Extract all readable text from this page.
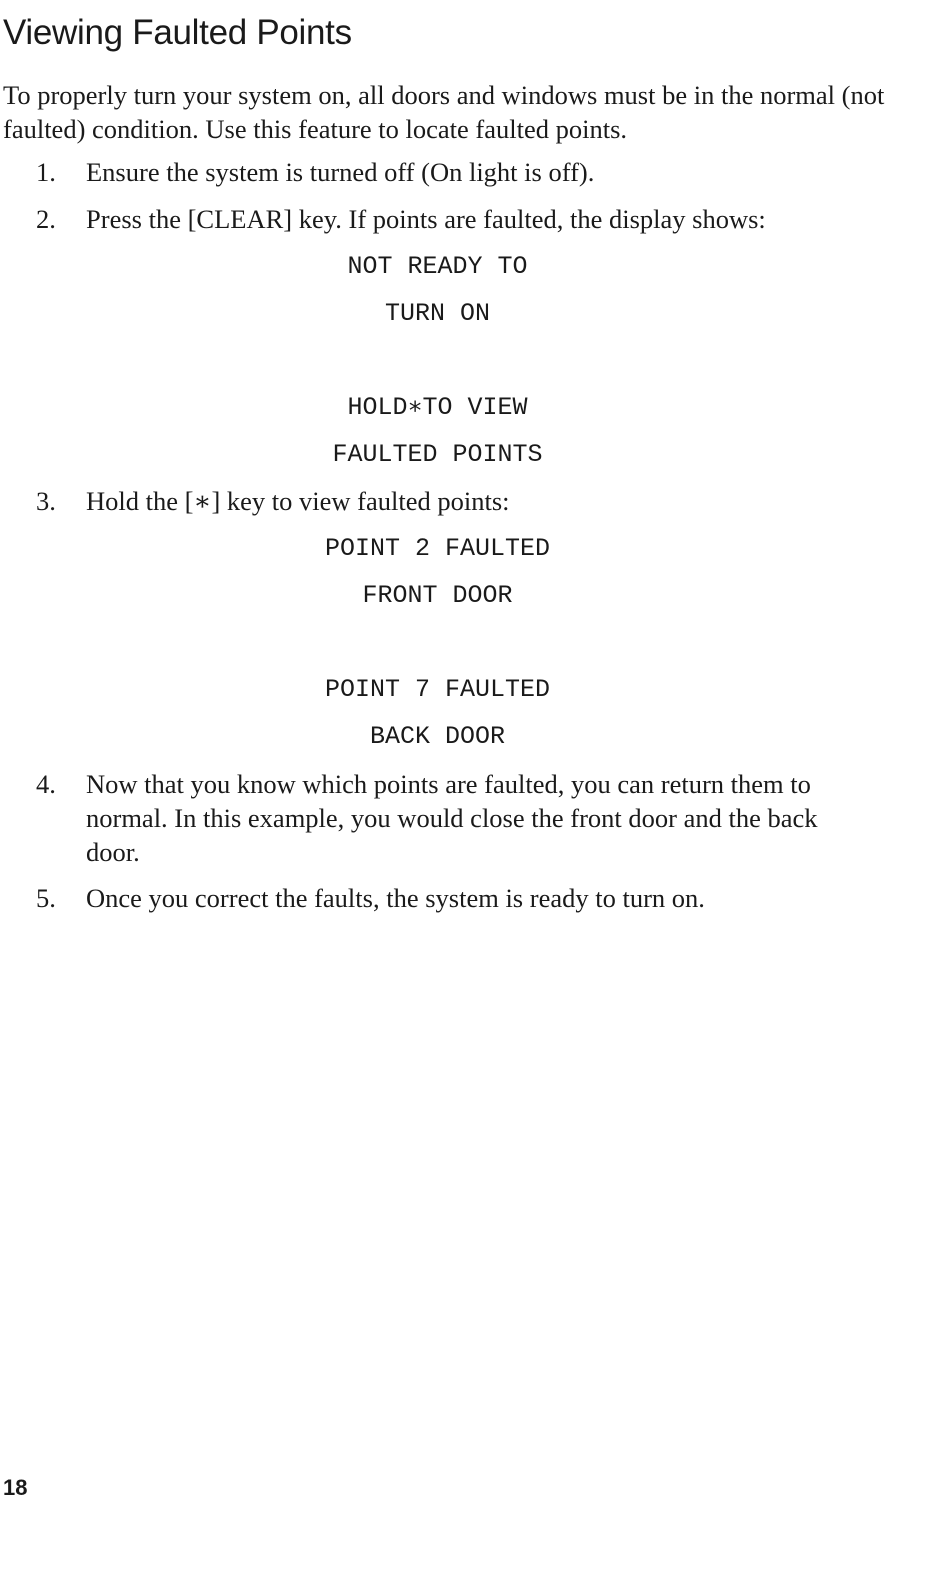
Viewing Faulted Points

To properly turn your system on, all doors and windows must be in the normal (not faulted) condition. Use this feature to locate faulted points.

1. Ensure the system is turned off (On light is off).
2. Press the [CLEAR] key. If points are faulted, the display shows:
NOT READY TO
TURN ON
HOLD∗TO VIEW
FAULTED POINTS
3. Hold the [∗] key to view faulted points:
POINT 2 FAULTED
FRONT DOOR
POINT 7 FAULTED
BACK DOOR
4. Now that you know which points are faulted, you can return them to normal. In this example, you would close the front door and the back door.
5. Once you correct the faults, the system is ready to turn on.
18
